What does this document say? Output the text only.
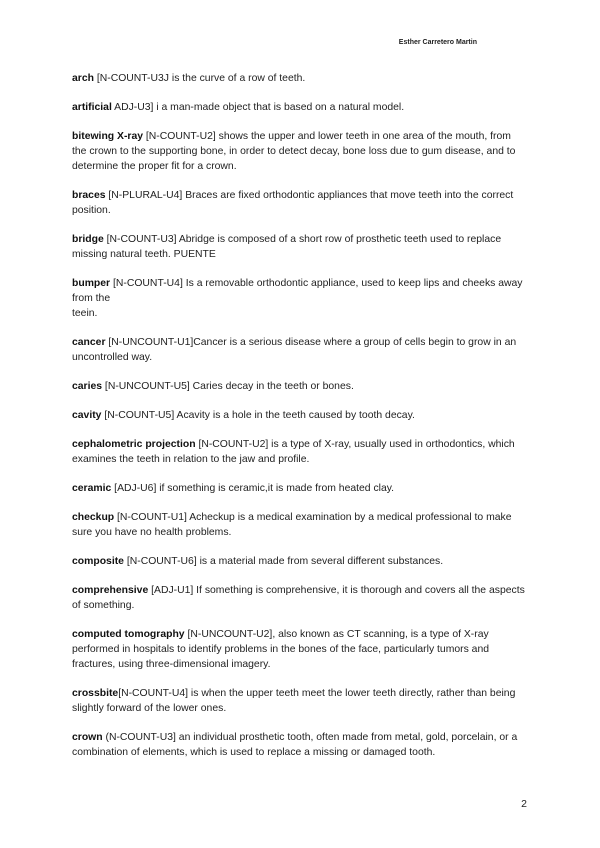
Esther Carretero Martin

arch [N-COUNT-U3J is the curve of a row of teeth.

artificial ADJ-U3] i a man-made object that is based on a natural model.

bitewing X-ray [N-COUNT-U2] shows the upper and lower teeth in one area of the mouth, from the crown to the supporting bone, in order to detect decay, bone loss due to gum disease, and to determine the proper fit for a crown.

braces [N-PLURAL-U4] Braces are fixed orthodontic appliances that move teeth into the correct position.

bridge [N-COUNT-U3] Abridge is composed of a short row of prosthetic teeth used to replace missing natural teeth. PUENTE

bumper [N-COUNT-U4] Is a removable orthodontic appliance, used to keep lips and cheeks away from the
teein.

cancer [N-UNCOUNT-U1]Cancer is a serious disease where a group of cells begin to grow in an uncontrolled way.

caries [N-UNCOUNT-U5] Caries decay in the teeth or bones.

cavity [N-COUNT-U5] Acavity is a hole in the teeth caused by tooth decay.

cephalometric projection [N-COUNT-U2] is a type of X-ray, usually used in orthodontics, which examines the teeth in relation to the jaw and profile.

ceramic [ADJ-U6] if something is ceramic,it is made from heated clay.

checkup [N-COUNT-U1] Acheckup is a medical examination by a medical professional to make sure you have no health problems.

composite [N-COUNT-U6] is a material made from several different substances.

comprehensive [ADJ-U1] If something is comprehensive, it is thorough and covers all the aspects of something.

computed tomography [N-UNCOUNT-U2], also known as CT scanning, is a type of X-ray performed in hospitals to identify problems in the bones of the face, particularly tumors and fractures, using three-dimensional imagery.

crossbite[N-COUNT-U4] is when the upper teeth meet the lower teeth directly, rather than being slightly forward of the lower ones.

crown (N-COUNT-U3] an individual prosthetic tooth, often made from metal, gold, porcelain, or a combination of elements, which is used to replace a missing or damaged tooth.

2
